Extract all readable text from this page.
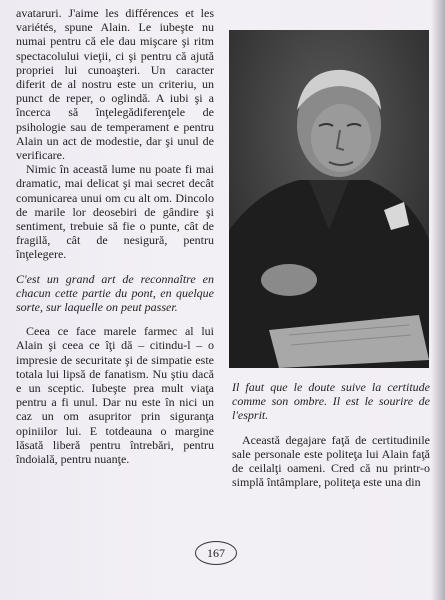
avataruri. J'aime les différences et les variétés, spune Alain. Le iubeşte nu numai pentru că ele dau mişcare şi ritm spectacolului vieţii, ci şi pentru că ajută propriei lui cunoaşteri. Un caracter diferit de al nostru este un criteriu, un punct de reper, o oglindă. A iubi şi a încerca să înţelegădiferenţele de psihologie sau de temperament e pentru Alain un act de modestie, dar şi unul de verificare.

Nimic în această lume nu poate fi mai dramatic, mai delicat şi mai secret decât comunicarea unui om cu alt om. Dincolo de marile lor deosebiri de gândire şi sentiment, trebuie să fie o punte, cât de fragilă, cât de nesigură, pentru înţelegere.

C'est un grand art de reconnaître en chacun cette partie du pont, en quelque sorte, sur laquelle on peut passer.

Ceea ce face marele farmec al lui Alain şi ceea ce îţi dă – citindu-l – o impresie de securitate şi de simpatie este totala lui lipsă de fanatism. Nu ştiu dacă e un sceptic. Iubeşte prea mult viaţa pentru a fi unul. Dar nu este în nici un caz un om asupritor prin siguranţa opiniilor lui. E totdeauna o margine lăsată liberă pentru întrebări, pentru îndoială, pentru nuanţe.

Il faut que le doute suive la certitude comme son ombre. Il est le sourire de l'esprit.

Această degajare faţă de certitudinile sale personale este politeţa lui Alain faţă de ceilalţi oameni. Cred că nu printr-o simplă întâmplare, politeţa este una din

167
